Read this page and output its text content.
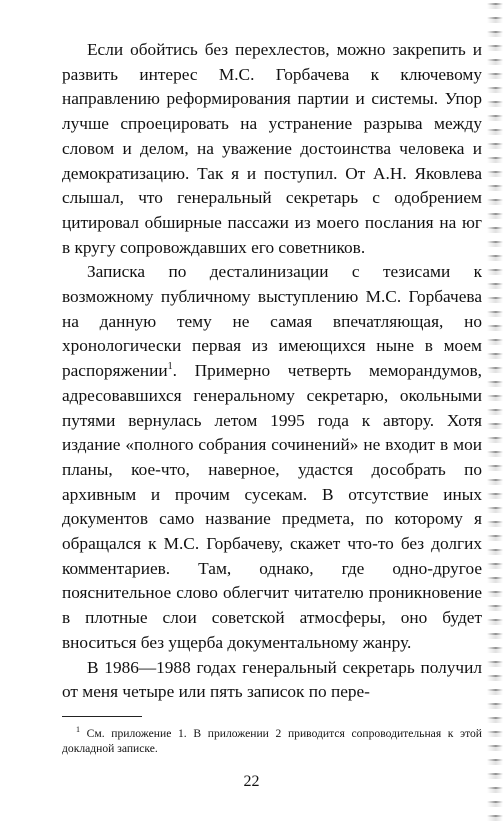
Если обойтись без перехлестов, можно закрепить и развить интерес М.С. Горбачева к ключевому направлению реформирования партии и системы. Упор лучше спроецировать на устранение разрыва между словом и делом, на уважение достоинства человека и демократизацию. Так я и поступил. От А.Н. Яковлева слышал, что генеральный секретарь с одобрением цитировал обширные пассажи из моего послания на юг в кругу сопровождавших его советников.

Записка по десталинизации с тезисами к возможному публичному выступлению М.С. Горбачева на данную тему не самая впечатляющая, но хронологически первая из имеющихся ныне в моем распоряжении$^1$. Примерно четверть меморандумов, адресовавшихся генеральному секретарю, окольными путями вернулась летом 1995 года к автору. Хотя издание «полного собрания сочинений» не входит в мои планы, кое-что, наверное, удастся дособрать по архивным и прочим сусекам. В отсутствие иных документов само название предмета, по которому я обращался к М.С. Горбачеву, скажет что-то без долгих комментариев. Там, однако, где одно-другое пояснительное слово облегчит читателю проникновение в плотные слои советской атмосферы, оно будет вноситься без ущерба документальному жанру.

В 1986—1988 годах генеральный секретарь получил от меня четыре или пять записок по пере-

$^1$ См. приложение 1. В приложении 2 приводится сопроводительная к этой докладной записке.

22
